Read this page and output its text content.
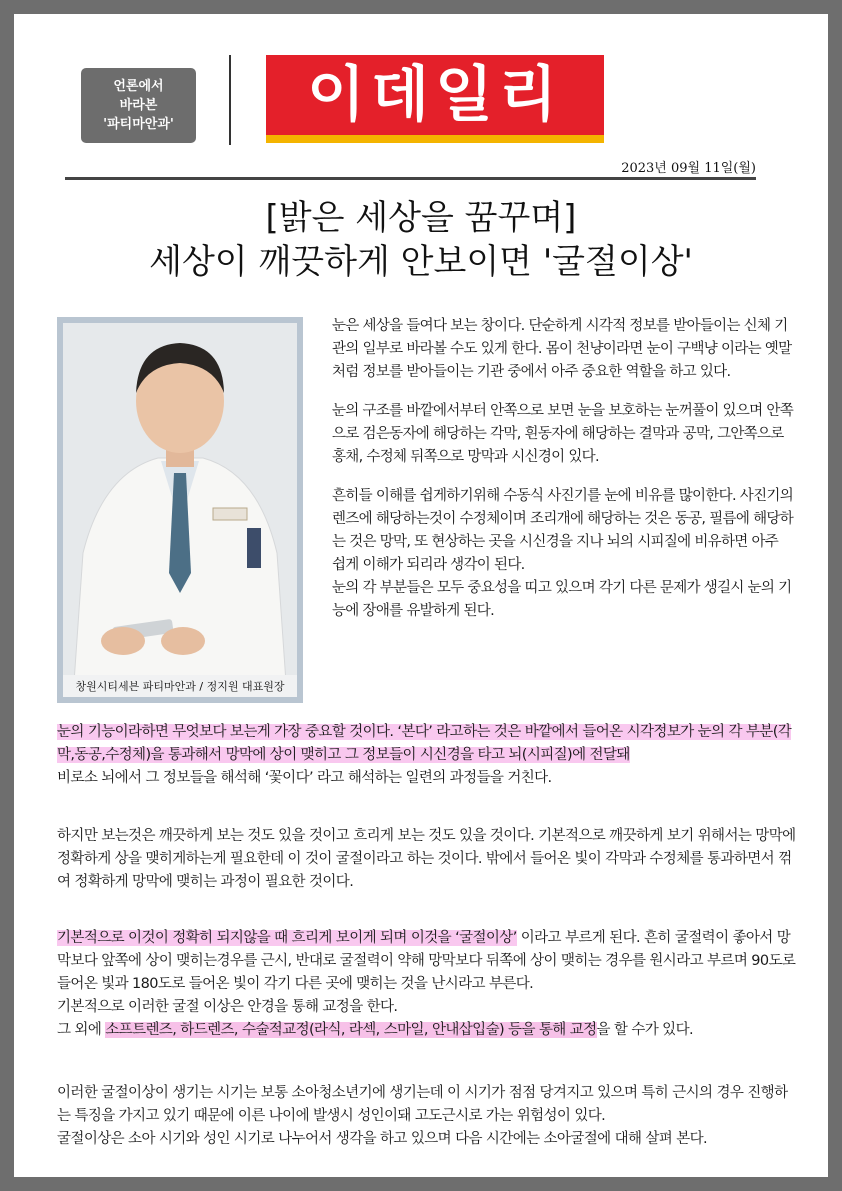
언론에서
바라본
'파티마안과'	이데일리
2023년 09월 11일(월)
[밝은 세상을 꿈꾸며]
세상이 깨끗하게 안보이면 '굴절이상'
창원시티세븐 파티마안과 / 정지원 대표원장

눈은 세상을 들여다 보는 창이다. 단순하게 시각적 정보를 받아들이는 신체 기관의 일부로 바라볼 수도 있게 한다. 몸이 천냥이라면 눈이 구백냥 이라는 옛말처럼 정보를 받아들이는 기관 중에서 아주 중요한 역할을 하고 있다.

눈의 구조를 바깥에서부터 안쪽으로 보면 눈을 보호하는 눈꺼풀이 있으며 안쪽으로 검은동자에 해당하는 각막, 흰동자에 해당하는 결막과 공막, 그안쪽으로 홍채, 수정체 뒤쪽으로 망막과 시신경이 있다.

흔히들 이해를 쉽게하기위해 수동식 사진기를 눈에 비유를 많이한다. 사진기의 렌즈에 해당하는것이 수정체이며 조리개에 해당하는 것은 동공, 필름에 해당하는 것은 망막, 또 현상하는 곳을 시신경을 지나 뇌의 시피질에 비유하면 아주 쉽게 이해가 되리라 생각이 된다.

눈의 각 부분들은 모두 중요성을 띠고 있으며 각기 다른 문제가 생길시 눈의 기능에 장애를 유발하게 된다.

눈의 기능이라하면 무엇보다 보는게 가장 중요할 것이다. ‘본다’ 라고하는 것은 바깥에서 들어온 시각정보가 눈의 각 부분(각막,동공,수정체)을 통과해서 망막에 상이 맺히고 그 정보들이 시신경을 타고 뇌(시피질)에 전달돼
비로소 뇌에서 그 정보들을 해석해 ‘꽃이다’ 라고 해석하는 일련의 과정들을 거친다.
하지만 보는것은 깨끗하게 보는 것도 있을 것이고 흐리게 보는 것도 있을 것이다. 기본적으로 깨끗하게 보기 위해서는 망막에 정확하게 상을 맺히게하는게 필요한데 이 것이 굴절이라고 하는 것이다. 밖에서 들어온 빛이 각막과 수정체를 통과하면서 꺾여 정확하게 망막에 맺히는 과정이 필요한 것이다.
기본적으로 이것이 정확히 되지않을 때 흐리게 보이게 되며 이것을 ‘굴절이상’ 이라고 부르게 된다. 흔히 굴절력이 좋아서 망막보다 앞쪽에 상이 맺히는경우를 근시, 반대로 굴절력이 약해 망막보다 뒤쪽에 상이 맺히는 경우를 원시라고 부르며 90도로 들어온 빛과 180도로 들어온 빛이 각기 다른 곳에 맺히는 것을 난시라고 부른다.
기본적으로 이러한 굴절 이상은 안경을 통해 교정을 한다.
그 외에 소프트렌즈, 하드렌즈, 수술적교정(라식, 라섹, 스마일, 안내삽입술) 등을 통해 교정을 할 수가 있다.
이러한 굴절이상이 생기는 시기는 보통 소아청소년기에 생기는데 이 시기가 점점 당겨지고 있으며 특히 근시의 경우 진행하는 특징을 가지고 있기 때문에 이른 나이에 발생시 성인이돼 고도근시로 가는 위험성이 있다.
굴절이상은 소아 시기와 성인 시기로 나누어서 생각을 하고 있으며 다음 시간에는 소아굴절에 대해 살펴 본다.
